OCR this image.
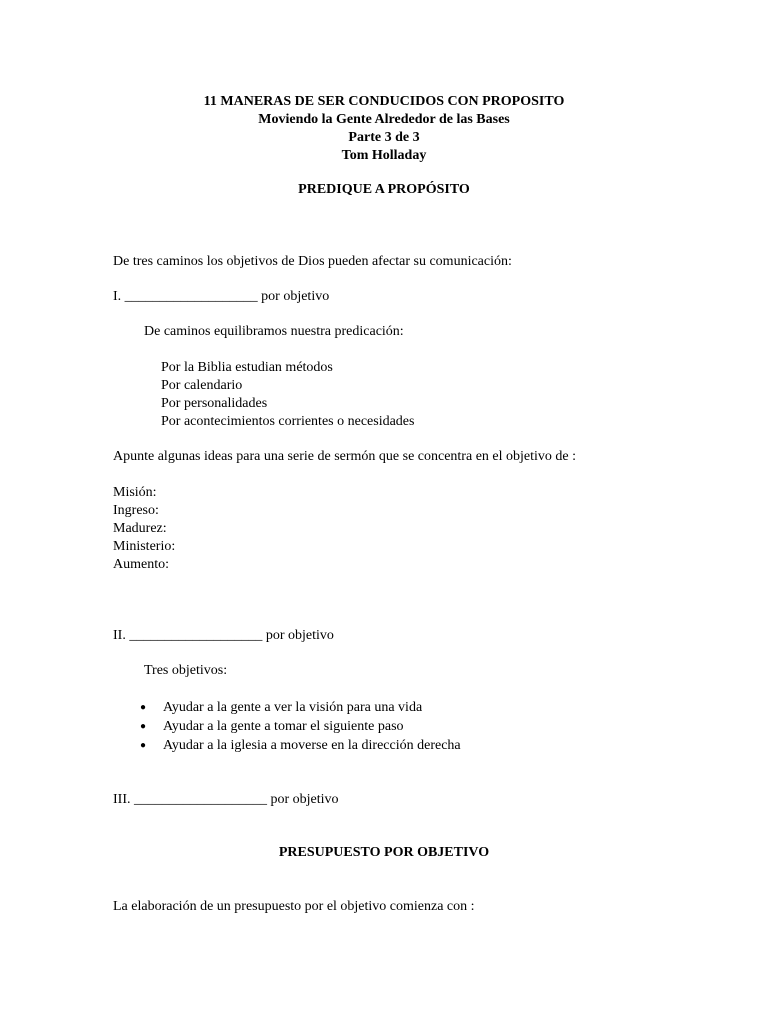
11 MANERAS DE SER CONDUCIDOS CON PROPOSITO
Moviendo la Gente Alrededor de las Bases
Parte 3 de 3
Tom Holladay
PREDIQUE A PROPÓSITO
De tres caminos los objetivos de Dios pueden afectar su comunicación:
I. ___________________ por objetivo
De caminos equilibramos nuestra predicación:
Por la Biblia estudian métodos
Por calendario
Por personalidades
Por acontecimientos corrientes o necesidades
Apunte algunas ideas para una serie de sermón que se concentra en el objetivo de :
Misión:
Ingreso:
Madurez:
Ministerio:
Aumento:
II. ___________________ por objetivo
Tres objetivos:
● Ayudar a la gente a ver la visión para una vida
● Ayudar a la gente a tomar el siguiente paso
● Ayudar a la iglesia a moverse en la dirección derecha
III. ___________________ por objetivo
PRESUPUESTO POR OBJETIVO
La elaboración de un presupuesto por el objetivo comienza con :
